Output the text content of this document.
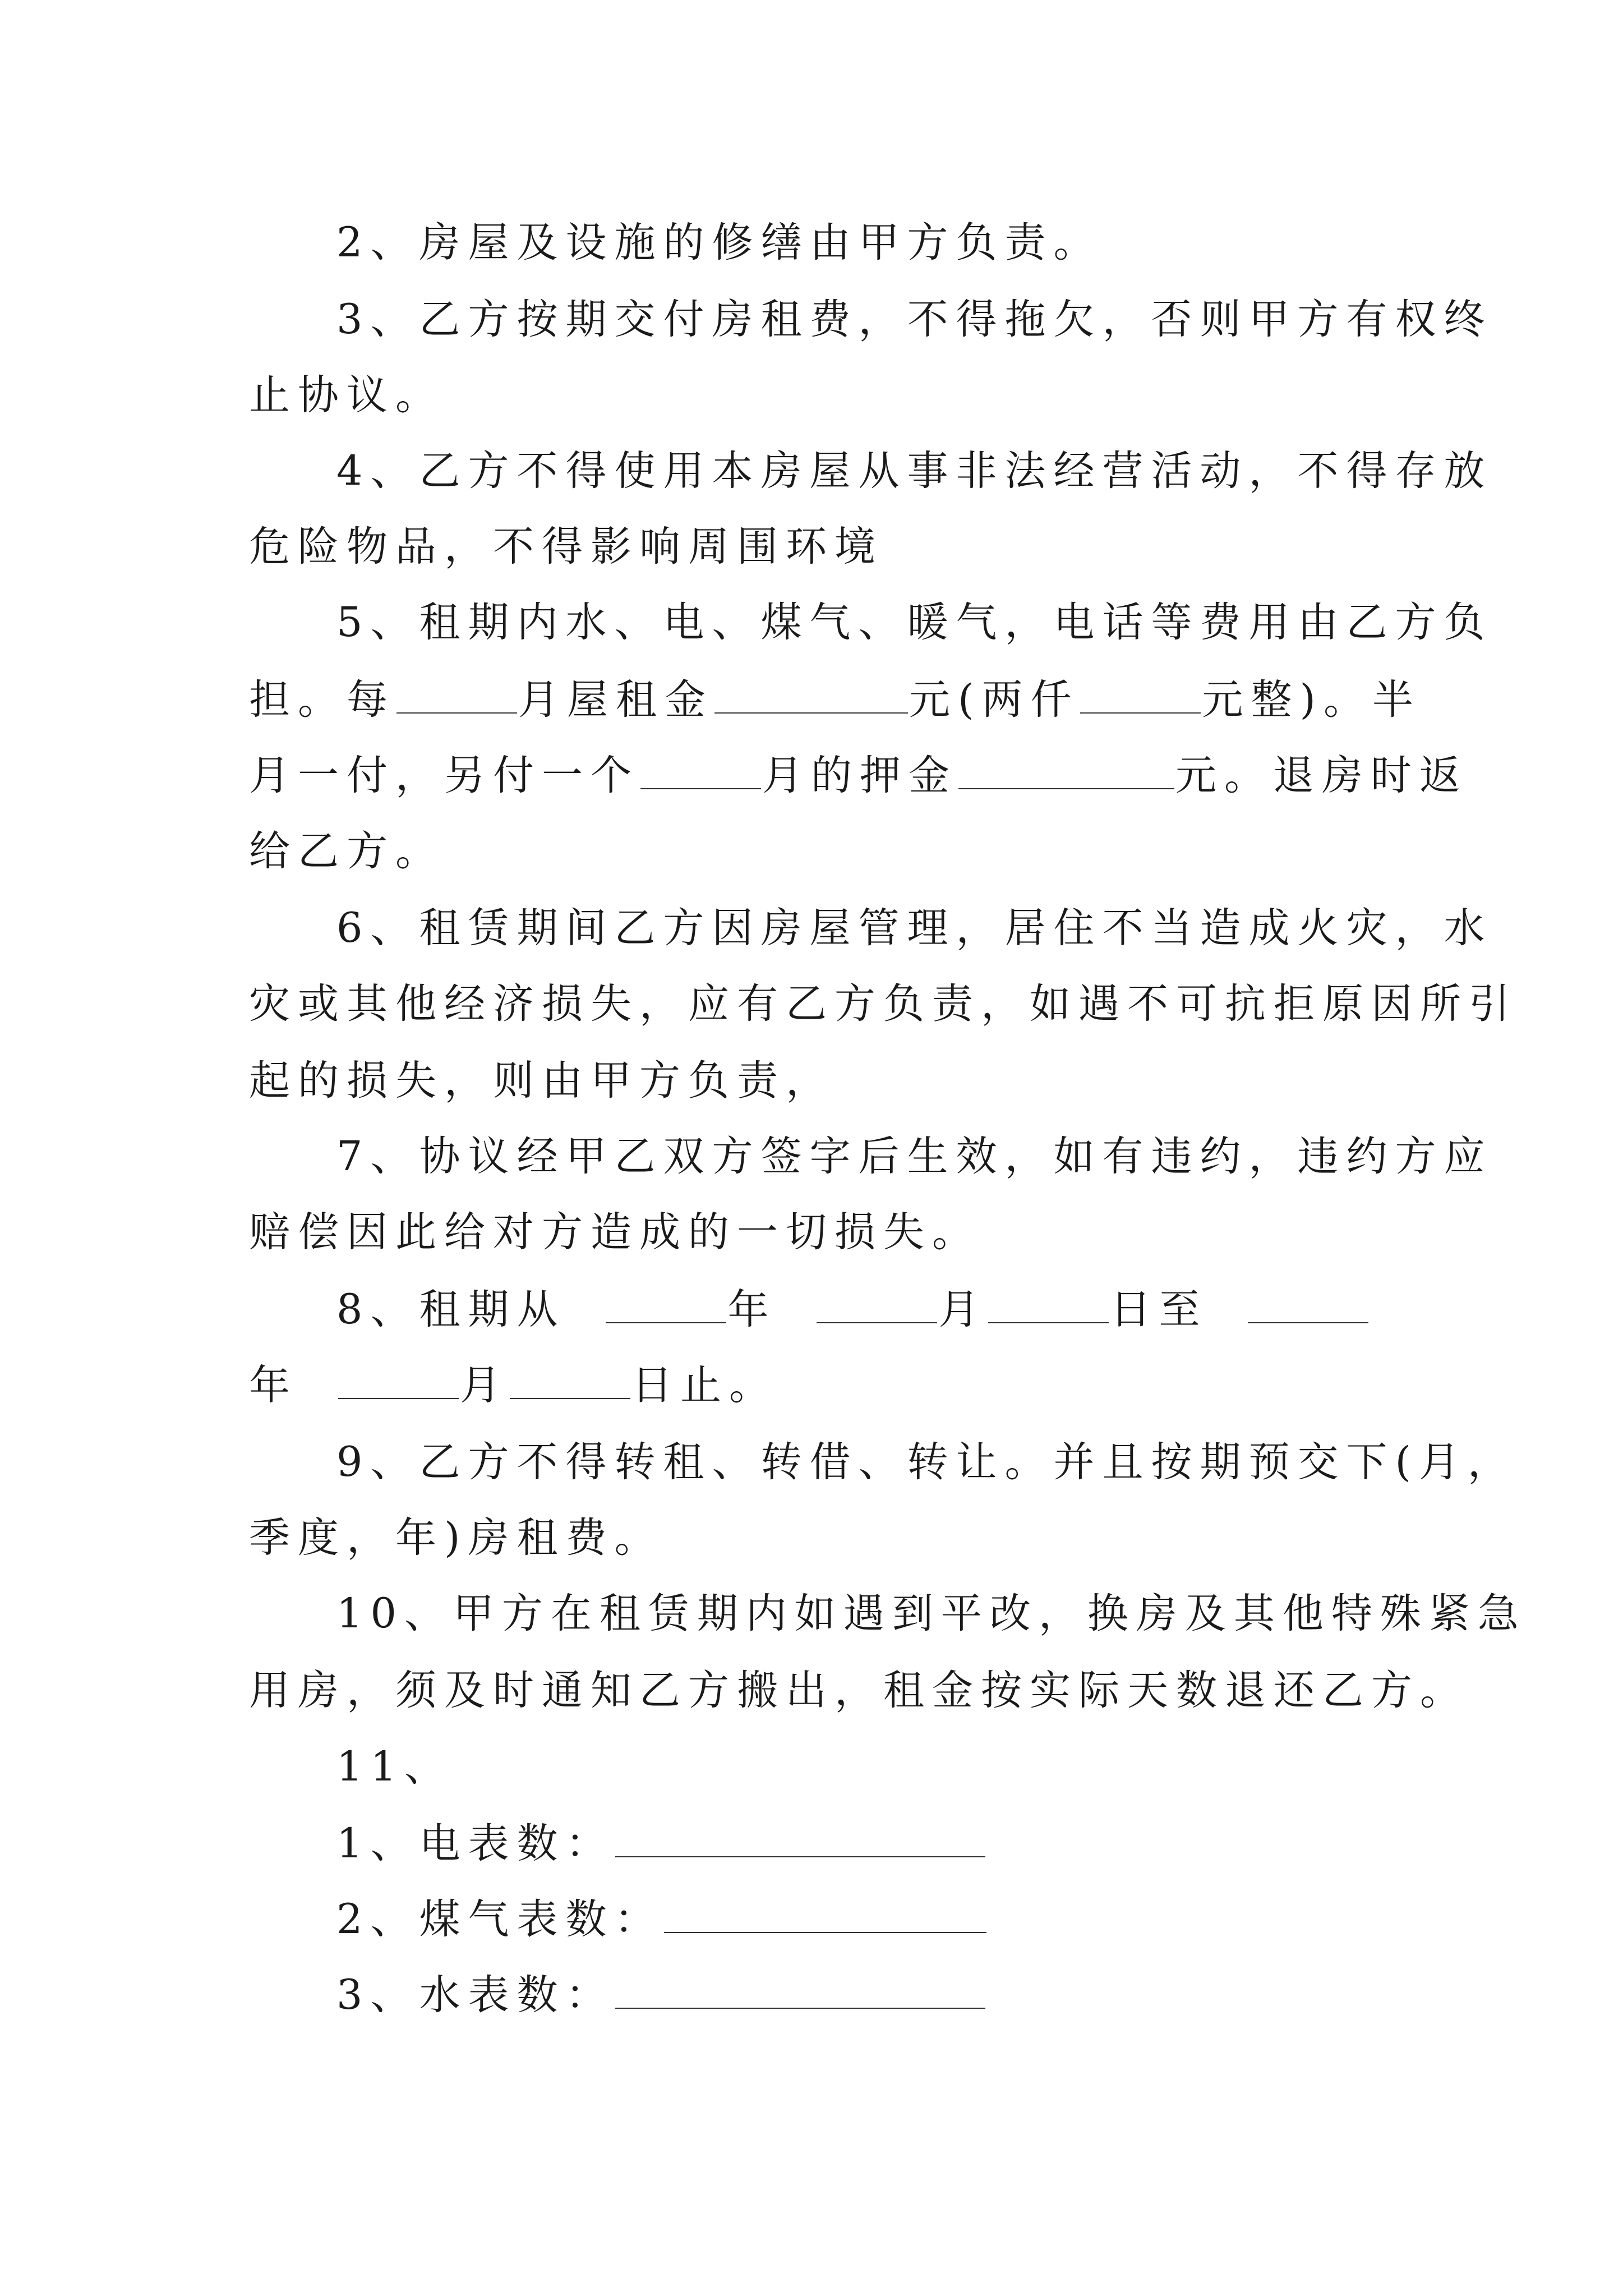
2、房屋及设施的修缮由甲方负责。
3、乙方按期交付房租费，不得拖欠，否则甲方有权终
止协议。
4、乙方不得使用本房屋从事非法经营活动，不得存放
危险物品，不得影响周围环境
5、租期内水、电、煤气、暖气，电话等费用由乙方负
担。每	月屋租金	元(两仟	元整)。半
月一付，另付一个	月的押金	元。退房时返
给乙方。
6、租赁期间乙方因房屋管理，居住不当造成火灾，水
灾或其他经济损失，应有乙方负责，如遇不可抗拒原因所引
起的损失，则由甲方负责，
7、协议经甲乙双方签字后生效，如有违约，违约方应
赔偿因此给对方造成的一切损失。
8、租期从	年	月	日至
年	月	日止。
9、乙方不得转租、转借、转让。并且按期预交下(月，
季度，年)房租费。
10、甲方在租赁期内如遇到平改，换房及其他特殊紧急
用房，须及时通知乙方搬出，租金按实际天数退还乙方。
11、
1、电表数：
2、煤气表数：
3、水表数：
